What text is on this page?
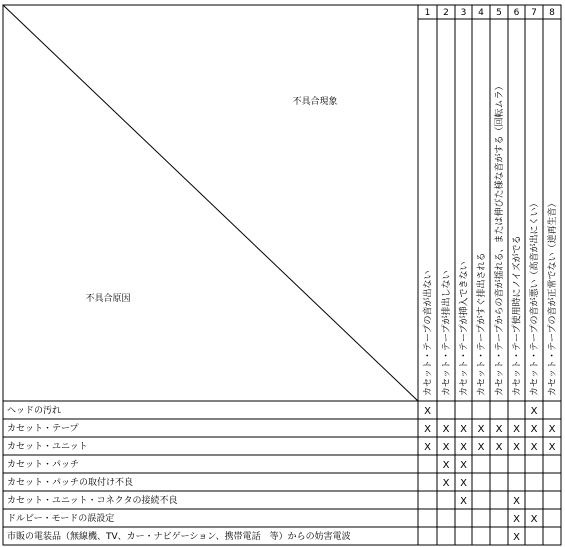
不具合現象
不具合原因
1 2 3 4 5 6 7 8
カセット・テープの音が出ない カセット・テープが排出しない カセット・テープが挿入できない カセット・テープがすぐ排出される カセット・テープからの音が揺れる、または伸びた様な音がする（回転ムラ） カセット・テープ使用時にノイズがでる カセット・テープの音が悪い（高音が出にくい） カセット・テープの音が正常でない（逆再生音）
ヘッドの汚れ
カセット・テープ
カセット・ユニット
カセット・パッチ
カセット・パッチの取付け不良
カセット・ユニット・コネクタの接続不良
ドルビー・モードの誤設定
市販の電装品（無線機、TV、カー・ナビゲーション、携帯電話　等）からの妨害電波
X	X
X X X X X X X X
X X X X X X X X
X X
X X
X	X
X X
X
